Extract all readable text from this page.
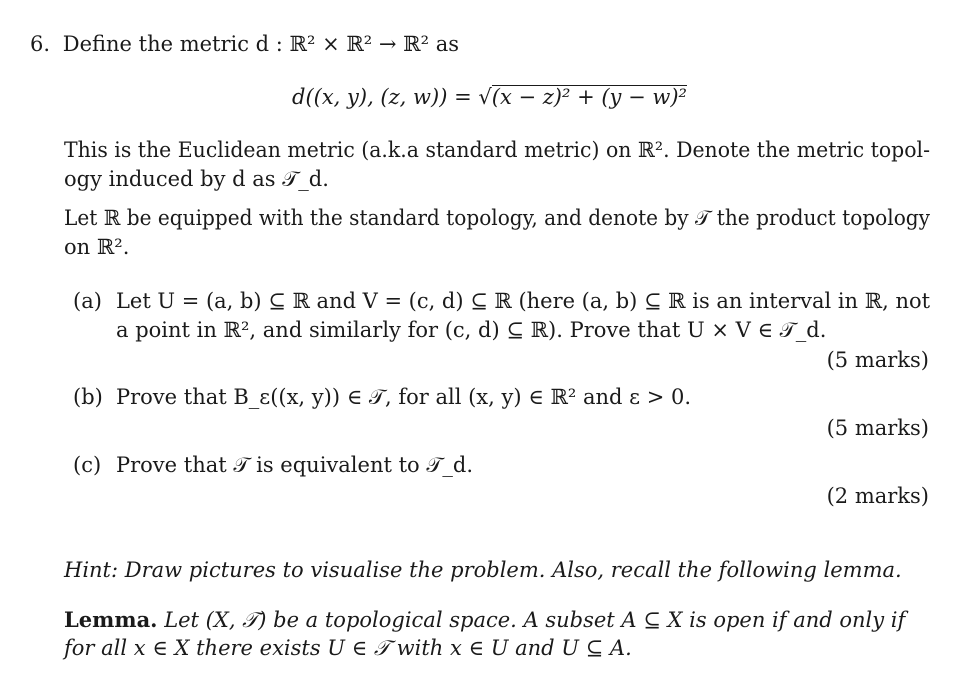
6. Define the metric d : ℝ² × ℝ² → ℝ² as
d((x, y), (z, w)) = √(x − z)² + (y − w)²
This is the Euclidean metric (a.k.a standard metric) on ℝ². Denote the metric topol-
ogy induced by d as 𝒯_d.
Let ℝ be equipped with the standard topology, and denote by 𝒯 the product topology
on ℝ².
(a) Let U = (a, b) ⊆ ℝ and V = (c, d) ⊆ ℝ (here (a, b) ⊆ ℝ is an interval in ℝ, not
a point in ℝ², and similarly for (c, d) ⊆ ℝ). Prove that U × V ∈ 𝒯_d.
(5 marks)
(b) Prove that B_ε((x, y)) ∈ 𝒯, for all (x, y) ∈ ℝ² and ε > 0.
(5 marks)
(c) Prove that 𝒯 is equivalent to 𝒯_d.
(2 marks)
Hint: Draw pictures to visualise the problem. Also, recall the following lemma.
Lemma. Let (X, 𝒯) be a topological space. A subset A ⊆ X is open if and only if
for all x ∈ X there exists U ∈ 𝒯 with x ∈ U and U ⊆ A.
